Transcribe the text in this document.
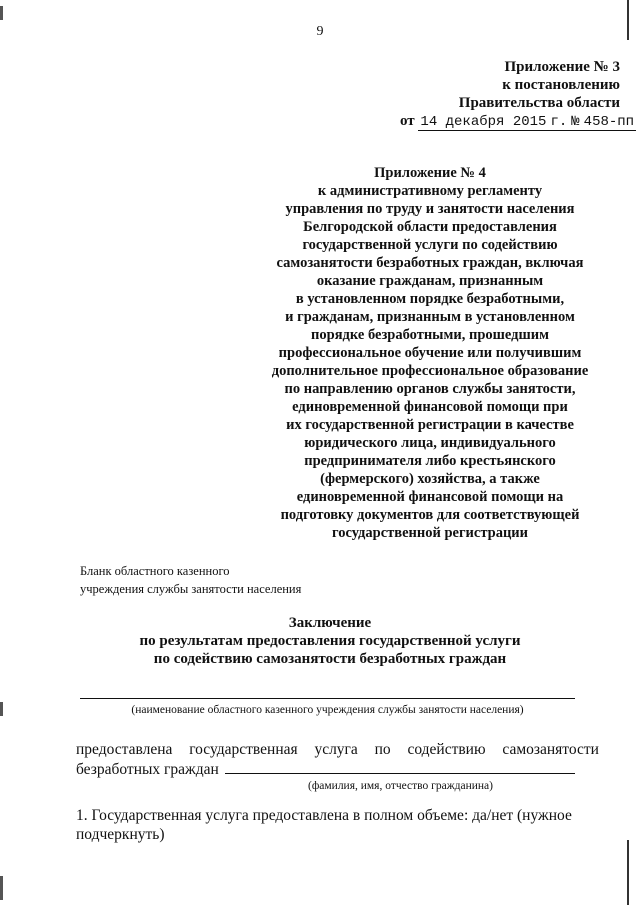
9
Приложение № 3
к постановлению
Правительства области
от 14 декабря 2015 г. № 458-пп
Приложение № 4
к административному регламенту
управления по труду и занятости населения
Белгородской области предоставления
государственной услуги по содействию
самозанятости безработных граждан, включая
оказание гражданам, признанным
в установленном порядке безработными,
и гражданам, признанным в установленном
порядке безработными, прошедшим
профессиональное обучение или получившим
дополнительное профессиональное образование
по направлению органов службы занятости,
единовременной финансовой помощи при
их государственной регистрации в качестве
юридического лица, индивидуального
предпринимателя либо крестьянского
(фермерского) хозяйства, а также
единовременной финансовой помощи на
подготовку документов для соответствующей
государственной регистрации
Бланк областного казенного
учреждения службы занятости населения
Заключение
по результатам предоставления государственной услуги
по содействию самозанятости безработных граждан
(наименование областного казенного учреждения службы занятости населения)
предоставлена государственная услуга по содействию самозанятости
безработных граждан
(фамилия, имя, отчество гражданина)
1. Государственная услуга предоставлена в полном объеме: да/нет (нужное
подчеркнуть)
